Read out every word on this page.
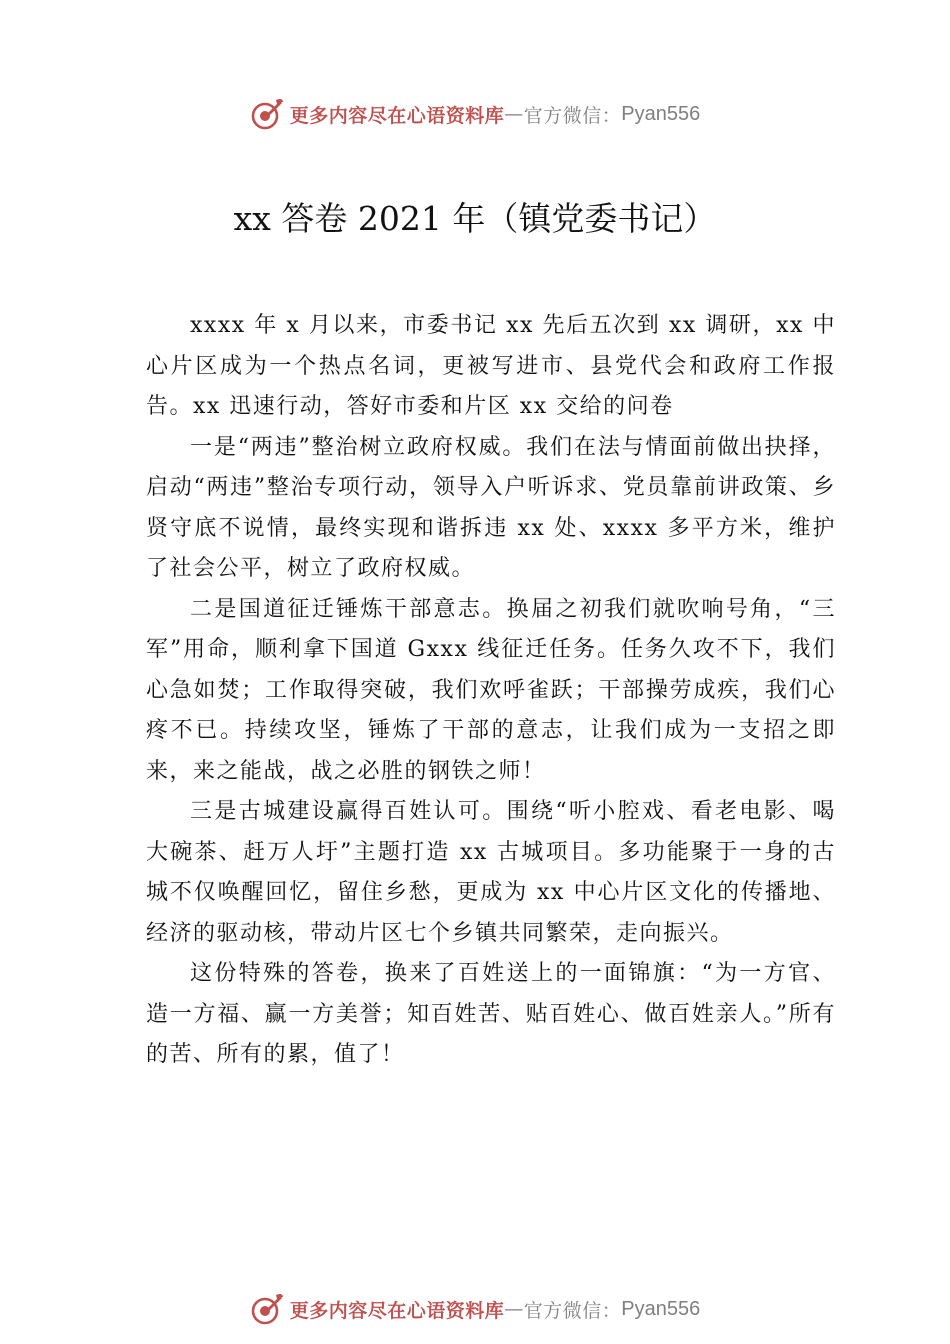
更多内容尽在心语资料库 — 官方微信： Pyan556
xx 答卷 2021 年（镇党委书记）

xxxx 年 x 月以来，市委书记 xx 先后五次到 xx 调研，xx 中心片区成为一个热点名词，更被写进市、县党代会和政府工作报告。xx 迅速行动，答好市委和片区 xx 交给的问卷

一是“两违”整治树立政府权威。我们在法与情面前做出抉择，启动“两违”整治专项行动，领导入户听诉求、党员靠前讲政策、乡贤守底不说情，最终实现和谐拆违 xx 处、xxxx 多平方米，维护了社会公平，树立了政府权威。

二是国道征迁锤炼干部意志。换届之初我们就吹响号角，“三军”用命，顺利拿下国道 Gxxx 线征迁任务。任务久攻不下，我们心急如焚；工作取得突破，我们欢呼雀跃；干部操劳成疾，我们心疼不已。持续攻坚，锤炼了干部的意志，让我们成为一支招之即来，来之能战，战之必胜的钢铁之师！

三是古城建设赢得百姓认可。围绕“听小腔戏、看老电影、喝大碗茶、赶万人圩”主题打造 xx 古城项目。多功能聚于一身的古城不仅唤醒回忆，留住乡愁，更成为 xx 中心片区文化的传播地、经济的驱动核，带动片区七个乡镇共同繁荣，走向振兴。

这份特殊的答卷，换来了百姓送上的一面锦旗：“为一方官、造一方福、赢一方美誉；知百姓苦、贴百姓心、做百姓亲人。”所有的苦、所有的累，值了！

更多内容尽在心语资料库 — 官方微信： Pyan556
